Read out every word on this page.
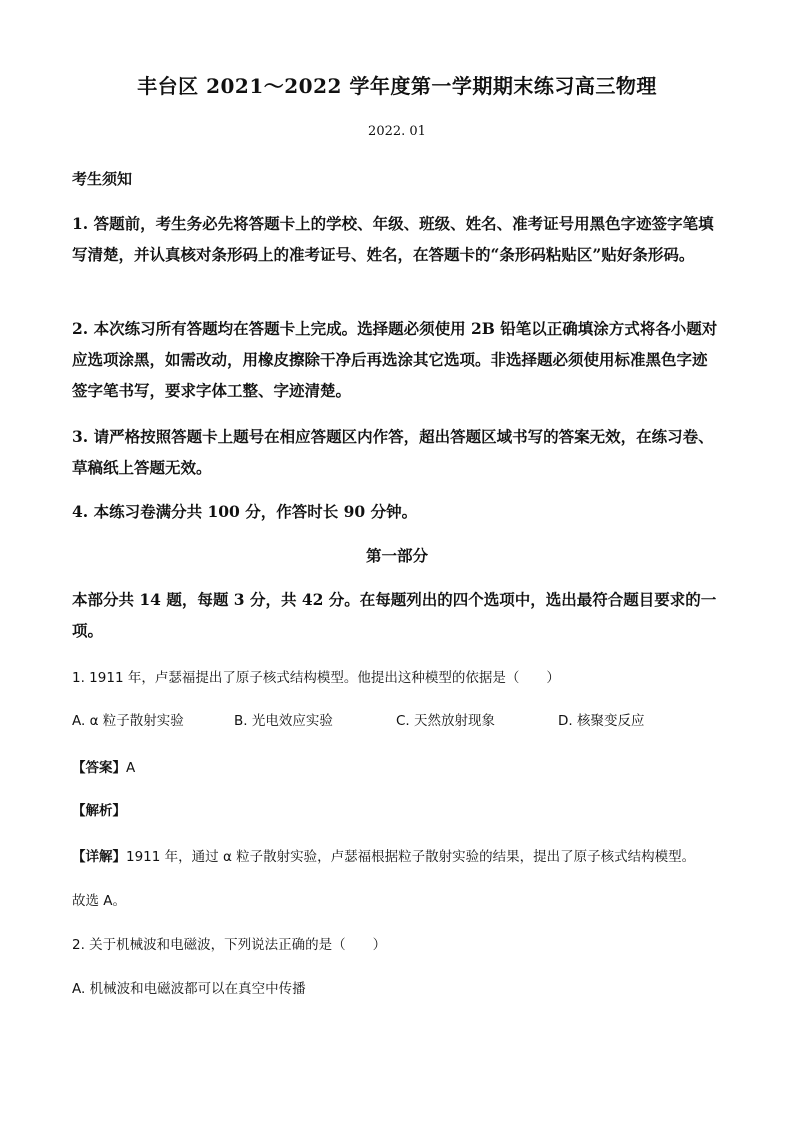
丰台区 2021～2022 学年度第一学期期末练习高三物理
2022. 01
考生须知

1. 答题前，考生务必先将答题卡上的学校、年级、班级、姓名、准考证号用黑色字迹签字笔填写清楚，并认真核对条形码上的准考证号、姓名，在答题卡的“条形码粘贴区”贴好条形码。

2. 本次练习所有答题均在答题卡上完成。选择题必须使用 2B 铅笔以正确填涂方式将各小题对应选项涂黑，如需改动，用橡皮擦除干净后再选涂其它选项。非选择题必须使用标准黑色字迹签字笔书写，要求字体工整、字迹清楚。

3. 请严格按照答题卡上题号在相应答题区内作答，超出答题区域书写的答案无效，在练习卷、草稿纸上答题无效。

4. 本练习卷满分共 100 分，作答时长 90 分钟。

第一部分

本部分共 14 题，每题 3 分，共 42 分。在每题列出的四个选项中，选出最符合题目要求的一项。

1. 1911 年，卢瑟福提出了原子核式结构模型。他提出这种模型的依据是（　　）

A. α 粒子散射实验	B. 光电效应实验	C. 天然放射现象	D. 核聚变反应

【答案】A

【解析】

【详解】1911 年，通过 α 粒子散射实验，卢瑟福根据粒子散射实验的结果，提出了原子核式结构模型。

故选 A。

2. 关于机械波和电磁波，下列说法正确的是（　　）

A. 机械波和电磁波都可以在真空中传播
